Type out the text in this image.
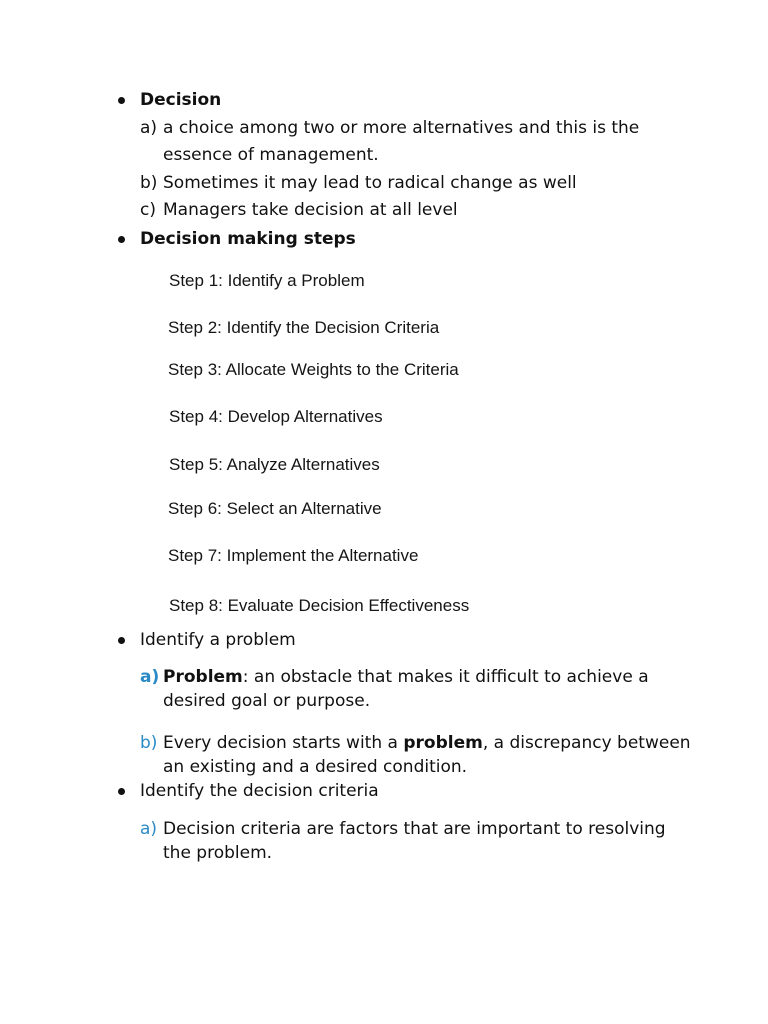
Decision
a) a choice among two or more alternatives and this is the
essence of management.
b) Sometimes it may lead to radical change as well
c) Managers take decision at all level
Decision making steps
Step 1: Identify a Problem
Step 2: Identify the Decision Criteria
Step 3: Allocate Weights to the Criteria
Step 4: Develop Alternatives
Step 5: Analyze Alternatives
Step 6: Select an Alternative
Step 7: Implement the Alternative
Step 8: Evaluate Decision Effectiveness
Identify a problem
a) Problem: an obstacle that makes it difficult to achieve a
desired goal or purpose.
b) Every decision starts with a problem, a discrepancy between
an existing and a desired condition.
Identify the decision criteria
a) Decision criteria are factors that are important to resolving
the problem.
